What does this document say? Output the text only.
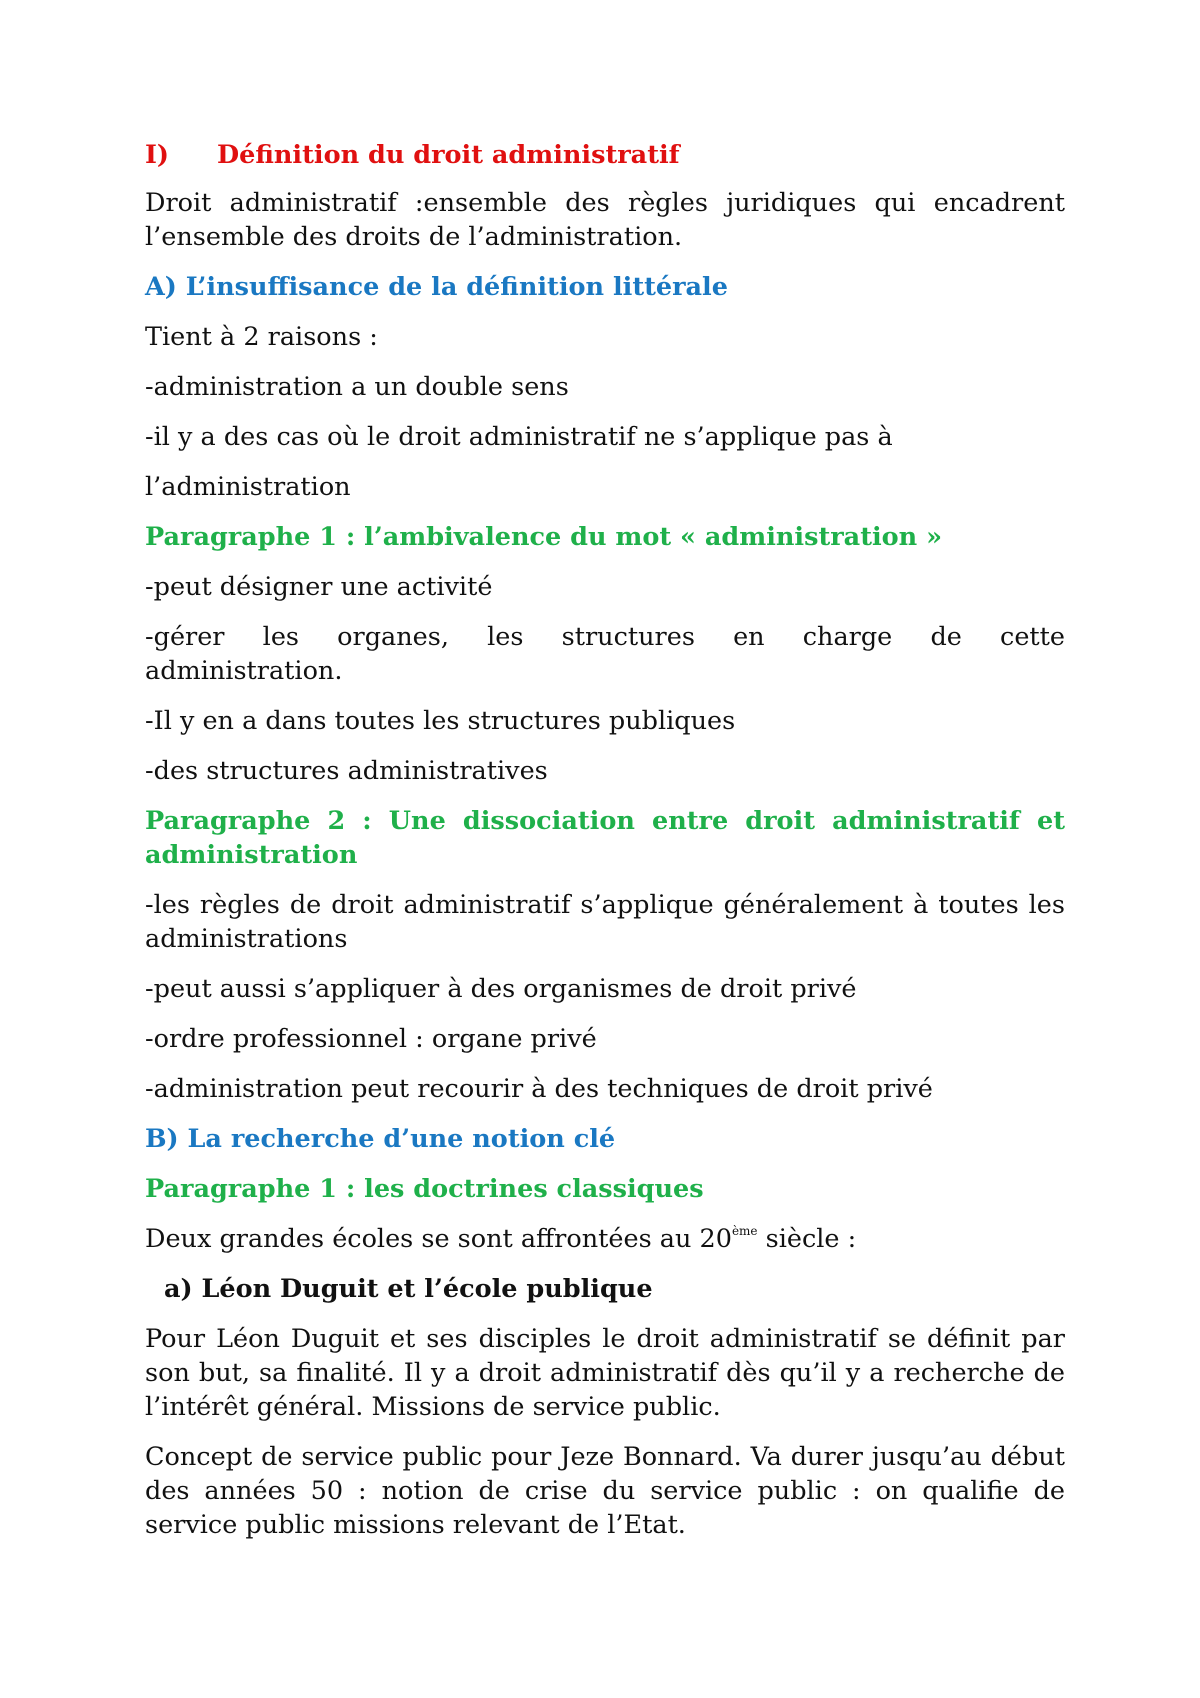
I)	Définition du droit administratif

Droit administratif :ensemble des règles juridiques qui encadrent l’ensemble des droits de l’administration.

A) L’insuffisance de la définition littérale

Tient à 2 raisons :

-administration a un double sens

-il y a des cas où le droit administratif ne s’applique pas à

l’administration

Paragraphe 1 : l’ambivalence du mot « administration »

-peut désigner une activité

-gérer les organes, les structures en charge de cette administration.

-Il y en a dans toutes les structures publiques

-des structures administratives

Paragraphe 2 : Une dissociation entre droit administratif et administration

-les règles de droit administratif s’applique généralement à toutes les administrations

-peut aussi s’appliquer à des organismes de droit privé

-ordre professionnel : organe privé

-administration peut recourir à des techniques de droit privé

B) La recherche d’une notion clé

Paragraphe 1 : les doctrines classiques

Deux grandes écoles se sont affrontées au 20ème siècle :

a) Léon Duguit et l’école publique

Pour Léon Duguit et ses disciples le droit administratif se définit par son but, sa finalité. Il y a droit administratif dès qu’il y a recherche de l’intérêt général. Missions de service public.

Concept de service public pour Jeze Bonnard. Va durer jusqu’au début des années 50 : notion de crise du service public : on qualifie de service public missions relevant de l’Etat.
